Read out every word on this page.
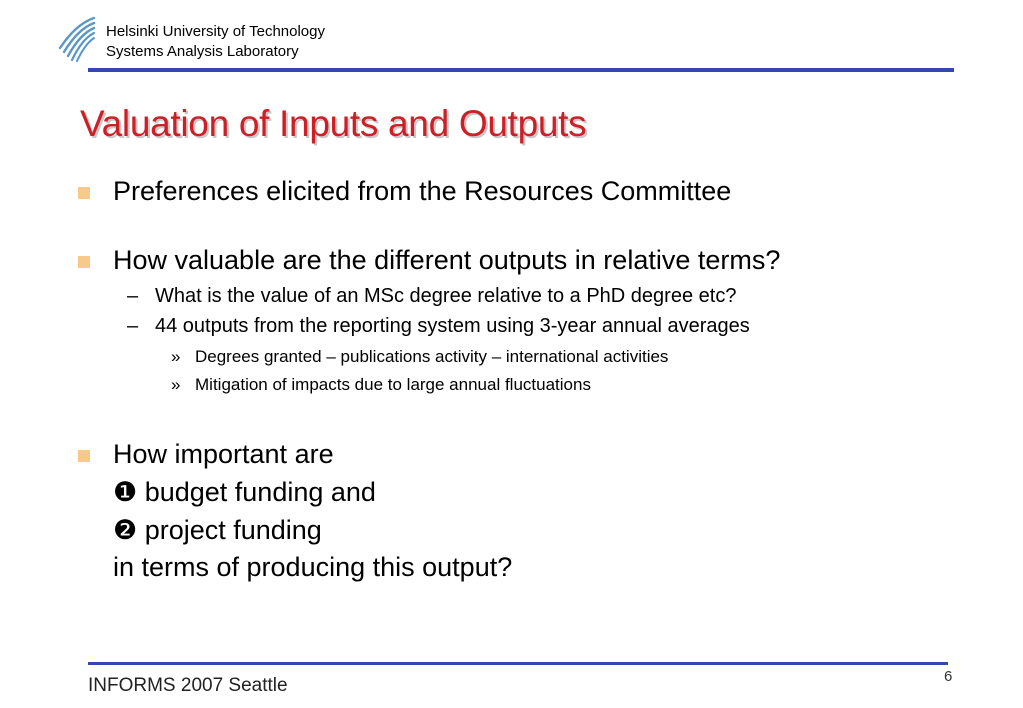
Helsinki University of Technology
Systems Analysis Laboratory
Valuation of Inputs and Outputs
Preferences elicited from the Resources Committee
How valuable are the different outputs in relative terms?
– What is the value of an MSc degree relative to a PhD degree etc?
– 44 outputs from the reporting system using 3-year annual averages
» Degrees granted – publications activity – international activities
» Mitigation of impacts due to large annual fluctuations
How important are
❶ budget funding and
❷ project funding
in terms of producing this output?
INFORMS 2007 Seattle	6
